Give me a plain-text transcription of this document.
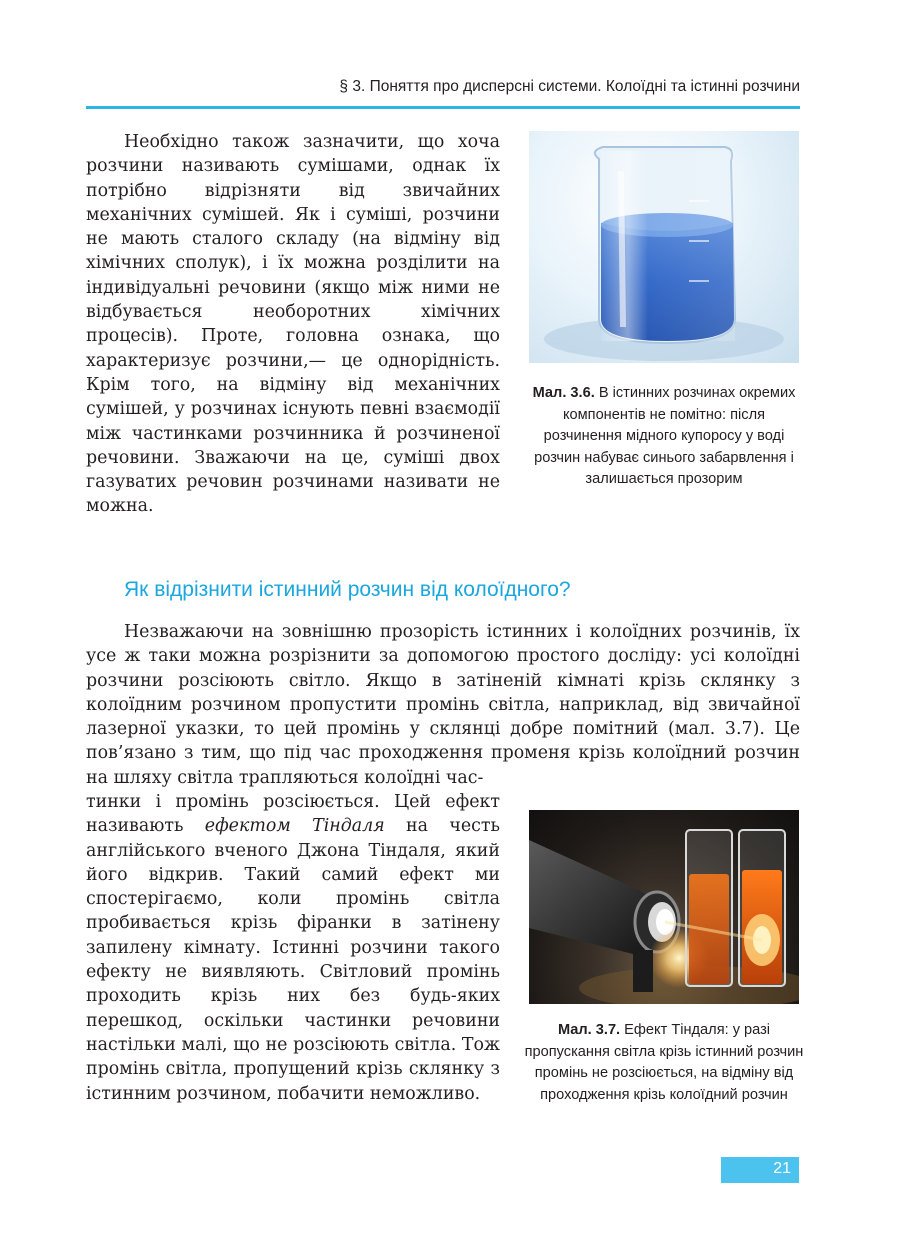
§ 3. Поняття про дисперсні системи. Колоїдні та істинні розчини

Необхідно також зазначити, що хоча розчини називають сумішами, однак їх потрібно відрізняти від звичайних механічних сумішей. Як і суміші, розчини не мають сталого складу (на відміну від хімічних сполук), і їх можна розділити на індивідуальні речовини (якщо між ними не відбувається необоротних хімічних процесів). Проте, головна ознака, що характеризує розчини,— це однорідність. Крім того, на відміну від механічних сумішей, у розчинах існують певні взаємодії між частинками розчинника й розчиненої речовини. Зважаючи на це, суміші двох газуватих речовин розчинами називати не можна.

Мал. 3.6. В істинних розчинах окремих компонентів не помітно: після розчинення мідного купоросу у воді розчин набуває синього забарвлення і залишається прозорим
Як відрізнити істинний розчин від колоїдного?

Незважаючи на зовнішню прозорість істинних і колоїдних розчинів, їх усе ж таки можна розрізнити за допомогою простого досліду: усі колоїдні розчини розсіюють світло. Якщо в затіненій кімнаті крізь склянку з колоїдним розчином пропустити промінь світла, наприклад, від звичайної лазерної указки, то цей промінь у склянці добре помітний (мал. 3.7). Це пов’язано з тим, що під час проходження променя крізь колоїдний розчин на шляху світла трапляються колоїдні час-

тинки і промінь розсіюється. Цей ефект називають ефектом Тіндаля на честь англійського вченого Джона Тіндаля, який його відкрив. Такий самий ефект ми спостерігаємо, коли промінь світла пробивається крізь фіранки в затінену запилену кімнату. Істинні розчини такого ефекту не виявляють. Світловий промінь проходить крізь них без будь-яких перешкод, оскільки частинки речовини настільки малі, що не розсіюють світла. Тож промінь світла, пропущений крізь склянку з істинним розчином, побачити неможливо.

Мал. 3.7. Ефект Тіндаля: у разі пропускання світла крізь істинний розчин промінь не розсіюється, на відміну від проходження крізь колоїдний розчин
21
